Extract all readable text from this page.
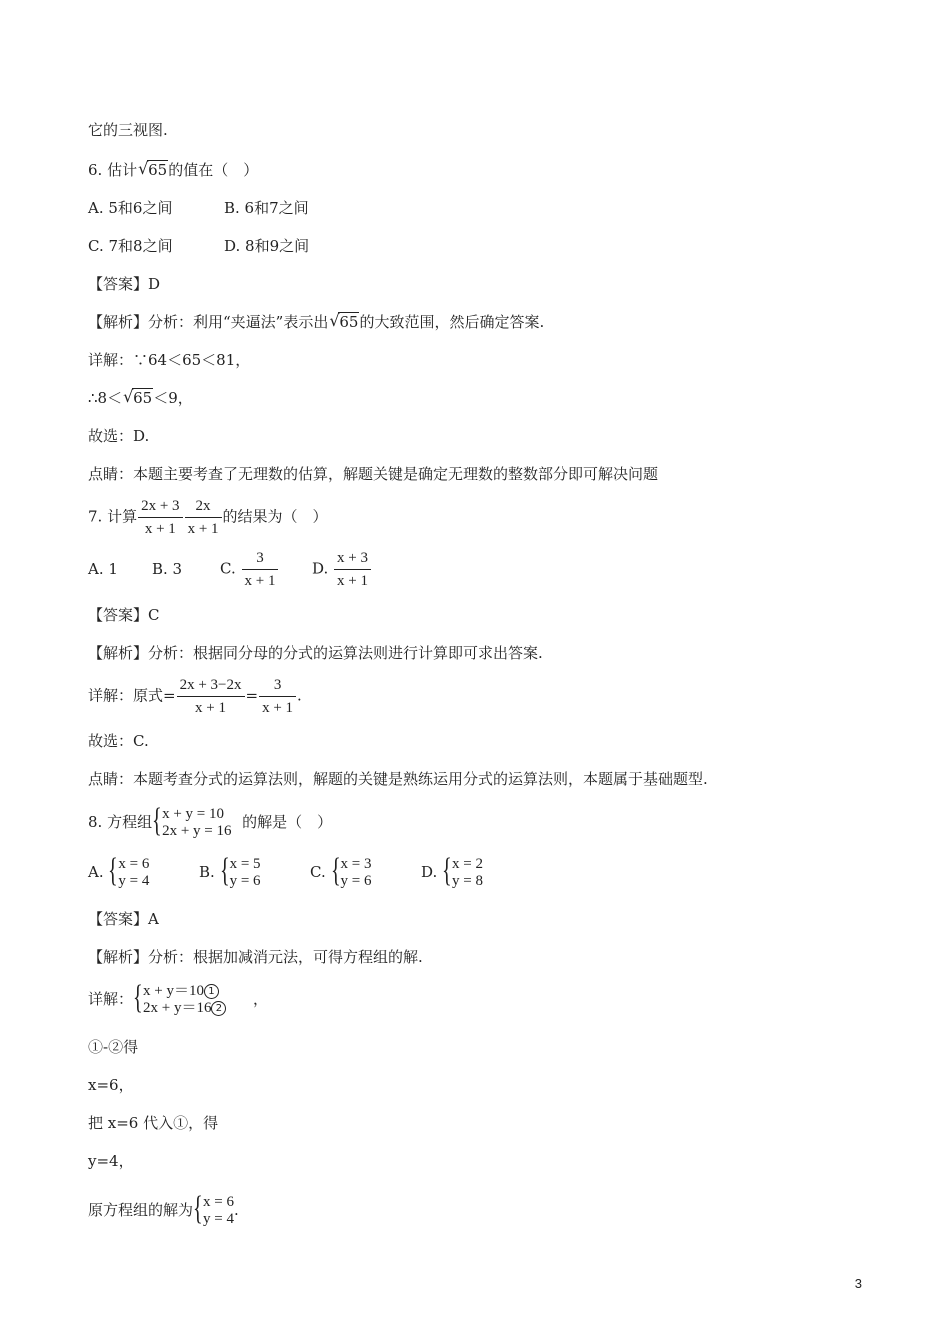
它的三视图.
6. 估计 √ 65的值在（　）
A. 5和6之间	B. 6和7之间
C. 7和8之间	D. 8和9之间
【答案】D
【解析】分析：利用“夹逼法”表示出 √ 65的大致范围，然后确定答案.
详解：∵64＜65＜81，
∴8＜ √ 65＜9，
故选：D.
点睛：本题主要考查了无理数的估算，解题关键是确定无理数的整数部分即可解决问题
7. 计算 $\frac{2x + 3}{x + 1} \frac{2x}{x + 1}$ 的结果为（　）
A. 1 B. 3	C. $\frac{3}{x + 1} D$. $\frac{x + 3}{x + 1}$
【答案】C
【解析】分析：根据同分母的分式的运算法则进行计算即可求出答案.
详解：原式= $\frac{2x + 3-2x}{x + 1} = \frac{3}{x + 1}$ .
故选：C.
点睛：本题考查分式的运算法则，解题的关键是熟练运用分式的运算法则，本题属于基础题型.
8. 方程组 { x + y = 10
2x + y = 16 的解是（　）
A. { x = 6
y = 4	B. { x = 5
y = 6	C. { x = 3
y = 6	D. { x = 2
y = 8
【答案】A
【解析】分析：根据加减消元法，可得方程组的解.
详解： { x + y＝10 1
2x + y＝16 2
，
①-②得
x=6，
把 x=6 代入①，得
y=4，
原方程组的解为 { x = 6
y = 4 .
3
